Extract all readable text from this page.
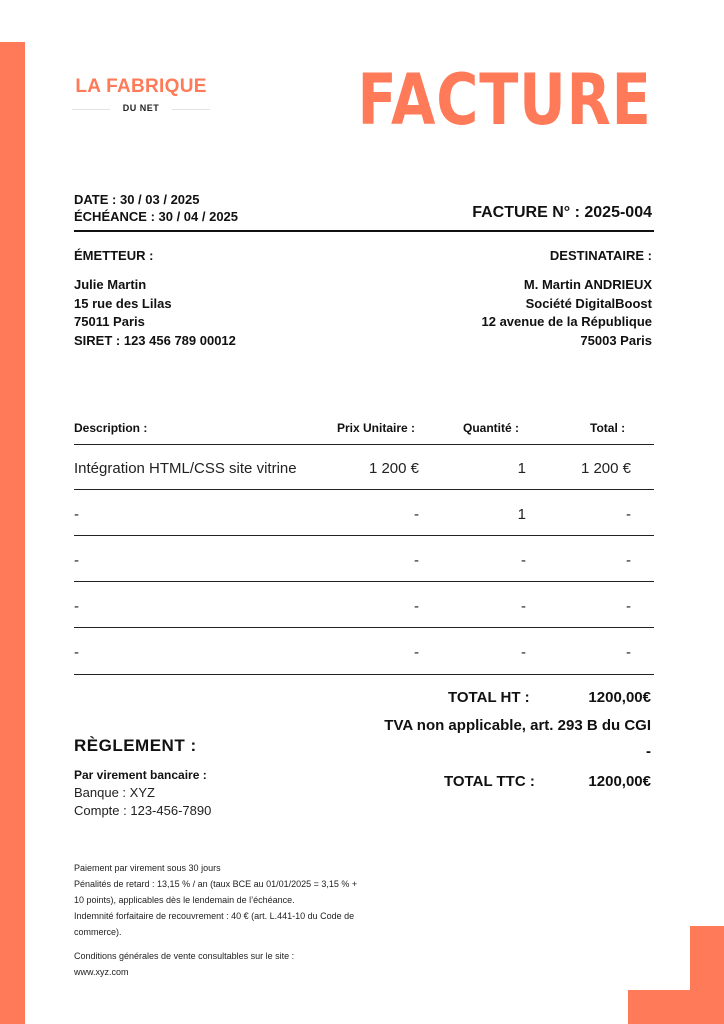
LA FABRIQUE
DU NET	FACTURE
DATE : 30 / 03 / 2025
ÉCHÉANCE : 30 / 04 / 2025	FACTURE N° : 2025-004
ÉMETTEUR :
Julie Martin
15 rue des Lilas
75011 Paris
SIRET : 123 456 789 00012
DESTINATAIRE :
M. Martin ANDRIEUX
Société DigitalBoost
12 avenue de la République
75003 Paris
Description :	Prix Unitaire :	Quantité :	Total :
Intégration HTML/CSS site vitrine	1 200 €	1	1 200 €
-	-	1	-
-	-	-	-
-	-	-	-
-	-	-	-
TOTAL HT :	1200,00€
TVA non applicable, art. 293 B du CGI
-
TOTAL TTC :	1200,00€
RÈGLEMENT :
Par virement bancaire :
Banque : XYZ
Compte : 123-456-7890
Paiement par virement sous 30 jours
Pénalités de retard : 13,15 % / an (taux BCE au 01/01/2025 = 3,15 % +
10 points), applicables dès le lendemain de l’échéance.
Indemnité forfaitaire de recouvrement : 40 € (art. L.441-10 du Code de
commerce).
Conditions générales de vente consultables sur le site :
www.xyz.com
